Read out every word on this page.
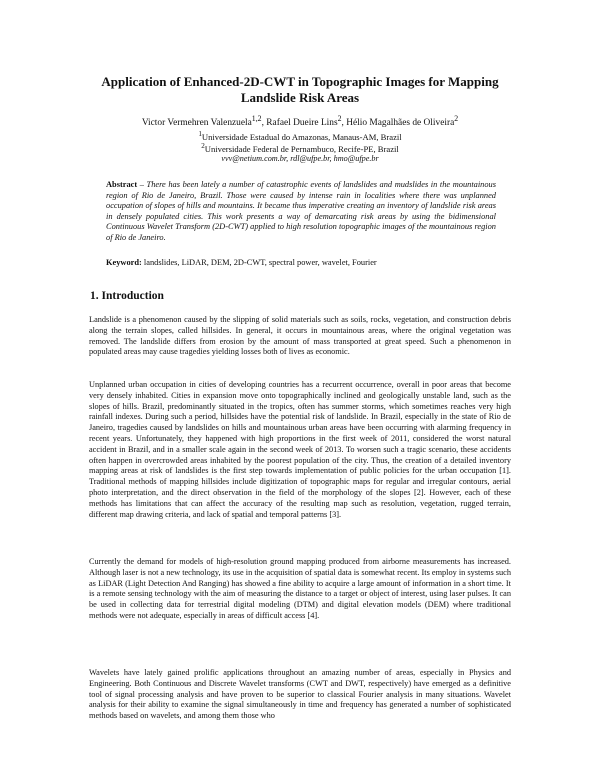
Application of Enhanced-2D-CWT in Topographic Images for Mapping Landslide Risk Areas
Victor Vermehren Valenzuela$^{1,2}$, Rafael Dueire Lins$^2$, Hélio Magalhães de Oliveira$^2$
$^1$Universidade Estadual do Amazonas, Manaus-AM, Brazil
$^2$Universidade Federal de Pernambuco, Recife-PE, Brazil
vvv@netium.com.br, rdl@ufpe.br, hmo@ufpe.br
Abstract – There has been lately a number of catastrophic events of landslides and mudslides in the mountainous region of Rio de Janeiro, Brazil. Those were caused by intense rain in localities where there was unplanned occupation of slopes of hills and mountains. It became thus imperative creating an inventory of landslide risk areas in densely populated cities. This work presents a way of demarcating risk areas by using the bidimensional Continuous Wavelet Transform (2D-CWT) applied to high resolution topographic images of the mountainous region of Rio de Janeiro.
Keyword: landslides, LiDAR, DEM, 2D-CWT, spectral power, wavelet, Fourier
1. Introduction
Landslide is a phenomenon caused by the slipping of solid materials such as soils, rocks, vegetation, and construction debris along the terrain slopes, called hillsides. In general, it occurs in mountainous areas, where the original vegetation was removed. The landslide differs from erosion by the amount of mass transported at great speed. Such a phenomenon in populated areas may cause tragedies yielding losses both of lives as economic.
Unplanned urban occupation in cities of developing countries has a recurrent occurrence, overall in poor areas that become very densely inhabited. Cities in expansion move onto topographically inclined and geologically unstable land, such as the slopes of hills. Brazil, predominantly situated in the tropics, often has summer storms, which sometimes reaches very high rainfall indexes. During such a period, hillsides have the potential risk of landslide. In Brazil, especially in the state of Rio de Janeiro, tragedies caused by landslides on hills and mountainous urban areas have been occurring with alarming frequency in recent years. Unfortunately, they happened with high proportions in the first week of 2011, considered the worst natural accident in Brazil, and in a smaller scale again in the second week of 2013. To worsen such a tragic scenario, these accidents often happen in overcrowded areas inhabited by the poorest population of the city. Thus, the creation of a detailed inventory mapping areas at risk of landslides is the first step towards implementation of public policies for the urban occupation [1]. Traditional methods of mapping hillsides include digitization of topographic maps for regular and irregular contours, aerial photo interpretation, and the direct observation in the field of the morphology of the slopes [2]. However, each of these methods has limitations that can affect the accuracy of the resulting map such as resolution, vegetation, rugged terrain, different map drawing criteria, and lack of spatial and temporal patterns [3].
Currently the demand for models of high-resolution ground mapping produced from airborne measurements has increased. Although laser is not a new technology, its use in the acquisition of spatial data is somewhat recent. Its employ in systems such as LiDAR (Light Detection And Ranging) has showed a fine ability to acquire a large amount of information in a short time. It is a remote sensing technology with the aim of measuring the distance to a target or object of interest, using laser pulses. It can be used in collecting data for terrestrial digital modeling (DTM) and digital elevation models (DEM) where traditional methods were not adequate, especially in areas of difficult access [4].
Wavelets have lately gained prolific applications throughout an amazing number of areas, especially in Physics and Engineering. Both Continuous and Discrete Wavelet transforms (CWT and DWT, respectively) have emerged as a definitive tool of signal processing analysis and have proven to be superior to classical Fourier analysis in many situations. Wavelet analysis for their ability to examine the signal simultaneously in time and frequency has generated a number of sophisticated methods based on wavelets, and among them those who
